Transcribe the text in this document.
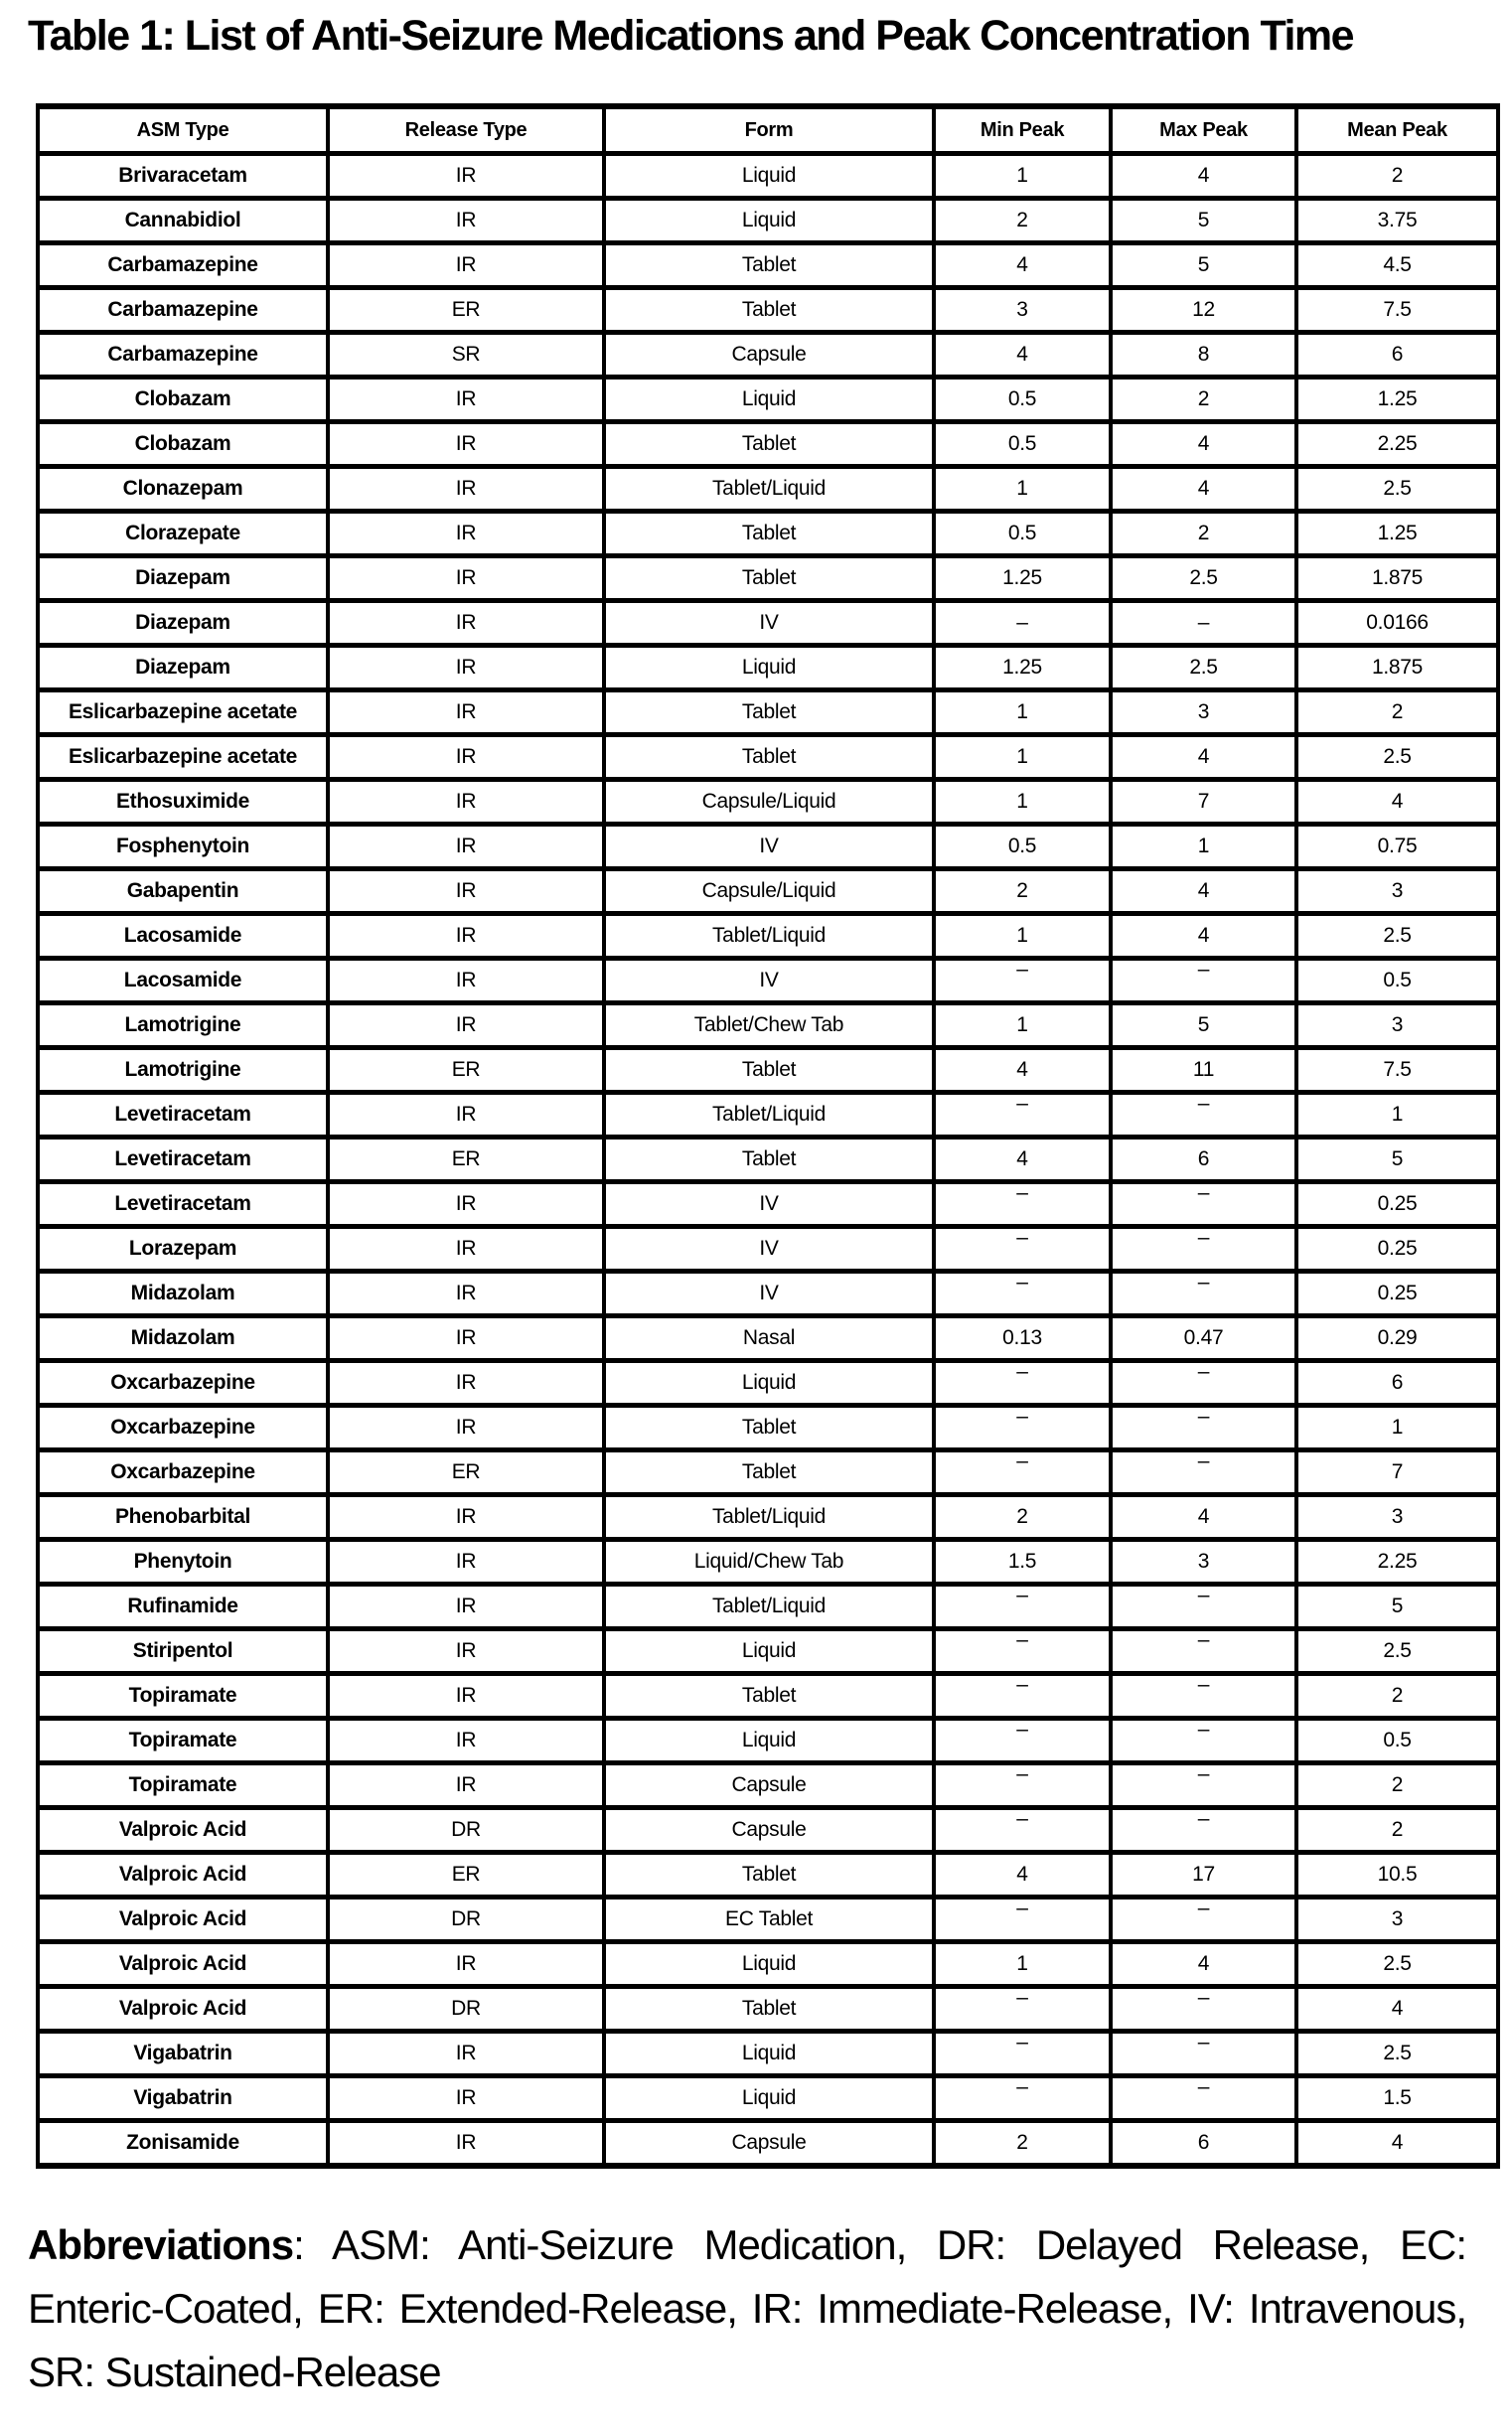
Table 1: List of Anti-Seizure Medications and Peak Concentration Time
ASM Type	Release Type	Form	Min Peak	Max Peak	Mean Peak
Brivaracetam	IR	Liquid	1	4	2
Cannabidiol	IR	Liquid	2	5	3.75
Carbamazepine	IR	Tablet	4	5	4.5
Carbamazepine	ER	Tablet	3	12	7.5
Carbamazepine	SR	Capsule	4	8	6
Clobazam	IR	Liquid	0.5	2	1.25
Clobazam	IR	Tablet	0.5	4	2.25
Clonazepam	IR	Tablet/Liquid	1	4	2.5
Clorazepate	IR	Tablet	0.5	2	1.25
Diazepam	IR	Tablet	1.25	2.5	1.875
Diazepam	IR	IV	–	–	0.0166
Diazepam	IR	Liquid	1.25	2.5	1.875
Eslicarbazepine acetate	IR	Tablet	1	3	2
Eslicarbazepine acetate	IR	Tablet	1	4	2.5
Ethosuximide	IR	Capsule/Liquid	1	7	4
Fosphenytoin	IR	IV	0.5	1	0.75
Gabapentin	IR	Capsule/Liquid	2	4	3
Lacosamide	IR	Tablet/Liquid	1	4	2.5
Lacosamide	IR	IV	–	–	0.5
Lamotrigine	IR	Tablet/Chew Tab	1	5	3
Lamotrigine	ER	Tablet	4	11	7.5
Levetiracetam	IR	Tablet/Liquid	–	–	1
Levetiracetam	ER	Tablet	4	6	5
Levetiracetam	IR	IV	–	–	0.25
Lorazepam	IR	IV	–	–	0.25
Midazolam	IR	IV	–	–	0.25
Midazolam	IR	Nasal	0.13	0.47	0.29
Oxcarbazepine	IR	Liquid	–	–	6
Oxcarbazepine	IR	Tablet	–	–	1
Oxcarbazepine	ER	Tablet	–	–	7
Phenobarbital	IR	Tablet/Liquid	2	4	3
Phenytoin	IR	Liquid/Chew Tab	1.5	3	2.25
Rufinamide	IR	Tablet/Liquid	–	–	5
Stiripentol	IR	Liquid	–	–	2.5
Topiramate	IR	Tablet	–	–	2
Topiramate	IR	Liquid	–	–	0.5
Topiramate	IR	Capsule	–	–	2
Valproic Acid	DR	Capsule	–	–	2
Valproic Acid	ER	Tablet	4	17	10.5
Valproic Acid	DR	EC Tablet	–	–	3
Valproic Acid	IR	Liquid	1	4	2.5
Valproic Acid	DR	Tablet	–	–	4
Vigabatrin	IR	Liquid	–	–	2.5
Vigabatrin	IR	Liquid	–	–	1.5
Zonisamide	IR	Capsule	2	6	4

Abbreviations: ASM: Anti-Seizure Medication, DR: Delayed Release, EC: Enteric-Coated, ER: Extended-Release, IR: Immediate-Release, IV: Intravenous, SR: Sustained-Release
